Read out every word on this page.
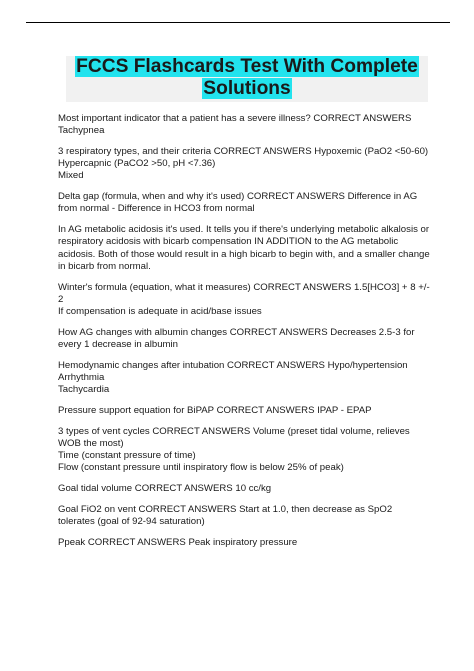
FCCS Flashcards Test With Complete Solutions
Most important indicator that a patient has a severe illness? CORRECT ANSWERS
Tachypnea
3 respiratory types, and their criteria CORRECT ANSWERS Hypoxemic (PaO2 <50-60)
Hypercapnic (PaCO2 >50, pH <7.36)
Mixed
Delta gap (formula, when and why it's used) CORRECT ANSWERS Difference in AG
from normal - Difference in HCO3 from normal
In AG metabolic acidosis it's used. It tells you if there's underlying metabolic alkalosis or
respiratory acidosis with bicarb compensation IN ADDITION to the AG metabolic
acidosis. Both of those would result in a high bicarb to begin with, and a smaller change
in bicarb from normal.
Winter's formula (equation, what it measures) CORRECT ANSWERS 1.5[HCO3] + 8 +/-
2
If compensation is adequate in acid/base issues
How AG changes with albumin changes CORRECT ANSWERS Decreases 2.5-3 for
every 1 decrease in albumin
Hemodynamic changes after intubation CORRECT ANSWERS Hypo/hypertension
Arrhythmia
Tachycardia
Pressure support equation for BiPAP CORRECT ANSWERS IPAP - EPAP
3 types of vent cycles CORRECT ANSWERS Volume (preset tidal volume, relieves
WOB the most)
Time (constant pressure of time)
Flow (constant pressure until inspiratory flow is below 25% of peak)
Goal tidal volume CORRECT ANSWERS 10 cc/kg
Goal FiO2 on vent CORRECT ANSWERS Start at 1.0, then decrease as SpO2
tolerates (goal of 92-94 saturation)
Ppeak CORRECT ANSWERS Peak inspiratory pressure
